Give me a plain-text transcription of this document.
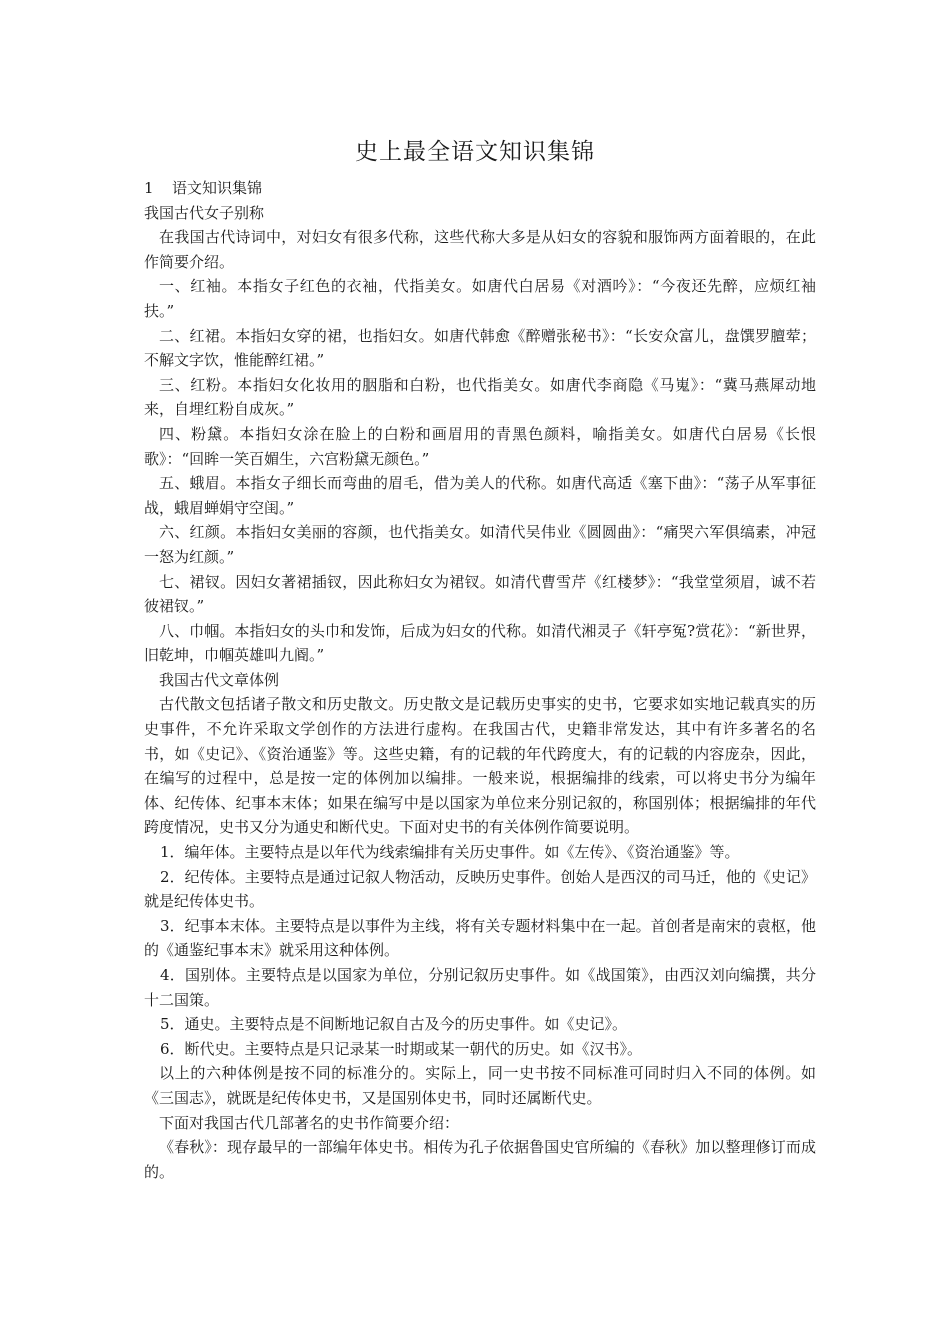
史上最全语文知识集锦

1 语文知识集锦

我国古代女子别称

在我国古代诗词中，对妇女有很多代称，这些代称大多是从妇女的容貌和服饰两方面着眼的，在此作简要介绍。

一、红袖。本指女子红色的衣袖，代指美女。如唐代白居易《对酒吟》：“今夜还先醉，应烦红袖扶。”

二、红裙。本指妇女穿的裙，也指妇女。如唐代韩愈《醉赠张秘书》：“长安众富儿，盘馔罗膻荤；不解文字饮，惟能醉红裙。”

三、红粉。本指妇女化妆用的胭脂和白粉，也代指美女。如唐代李商隐《马嵬》：“冀马燕犀动地来，自埋红粉自成灰。”

四、粉黛。本指妇女涂在脸上的白粉和画眉用的青黑色颜料，喻指美女。如唐代白居易《长恨歌》：“回眸一笑百媚生，六宫粉黛无颜色。”

五、蛾眉。本指女子细长而弯曲的眉毛，借为美人的代称。如唐代高适《塞下曲》：“荡子从军事征战，蛾眉蝉娟守空闺。”

六、红颜。本指妇女美丽的容颜，也代指美女。如清代吴伟业《圆圆曲》：“痛哭六军俱缟素，冲冠一怒为红颜。”

七、裙钗。因妇女著裙插钗，因此称妇女为裙钗。如清代曹雪芹《红楼梦》：“我堂堂须眉，诚不若彼裙钗。”

八、巾帼。本指妇女的头巾和发饰，后成为妇女的代称。如清代湘灵子《轩亭冤?赏花》：“新世界，旧乾坤，巾帼英雄叫九阍。”

我国古代文章体例

古代散文包括诸子散文和历史散文。历史散文是记载历史事实的史书，它要求如实地记载真实的历史事件，不允许采取文学创作的方法进行虚构。在我国古代，史籍非常发达，其中有许多著名的名书，如《史记》、《资治通鉴》等。这些史籍，有的记载的年代跨度大，有的记载的内容庞杂，因此，在编写的过程中，总是按一定的体例加以编排。一般来说，根据编排的线索，可以将史书分为编年体、纪传体、纪事本末体；如果在编写中是以国家为单位来分别记叙的，称国别体；根据编排的年代跨度情况，史书又分为通史和断代史。下面对史书的有关体例作简要说明。

1．编年体。主要特点是以年代为线索编排有关历史事件。如《左传》、《资治通鉴》等。

2．纪传体。主要特点是通过记叙人物活动，反映历史事件。创始人是西汉的司马迁，他的《史记》就是纪传体史书。

3．纪事本末体。主要特点是以事件为主线，将有关专题材料集中在一起。首创者是南宋的袁枢，他的《通鉴纪事本末》就采用这种体例。

4．国别体。主要特点是以国家为单位，分别记叙历史事件。如《战国策》，由西汉刘向编撰，共分十二国策。

5．通史。主要特点是不间断地记叙自古及今的历史事件。如《史记》。

6．断代史。主要特点是只记录某一时期或某一朝代的历史。如《汉书》。

以上的六种体例是按不同的标准分的。实际上，同一史书按不同标准可同时归入不同的体例。如《三国志》，就既是纪传体史书，又是国别体史书，同时还属断代史。

下面对我国古代几部著名的史书作简要介绍：

《春秋》：现存最早的一部编年体史书。相传为孔子依据鲁国史官所编的《春秋》加以整理修订而成的。
